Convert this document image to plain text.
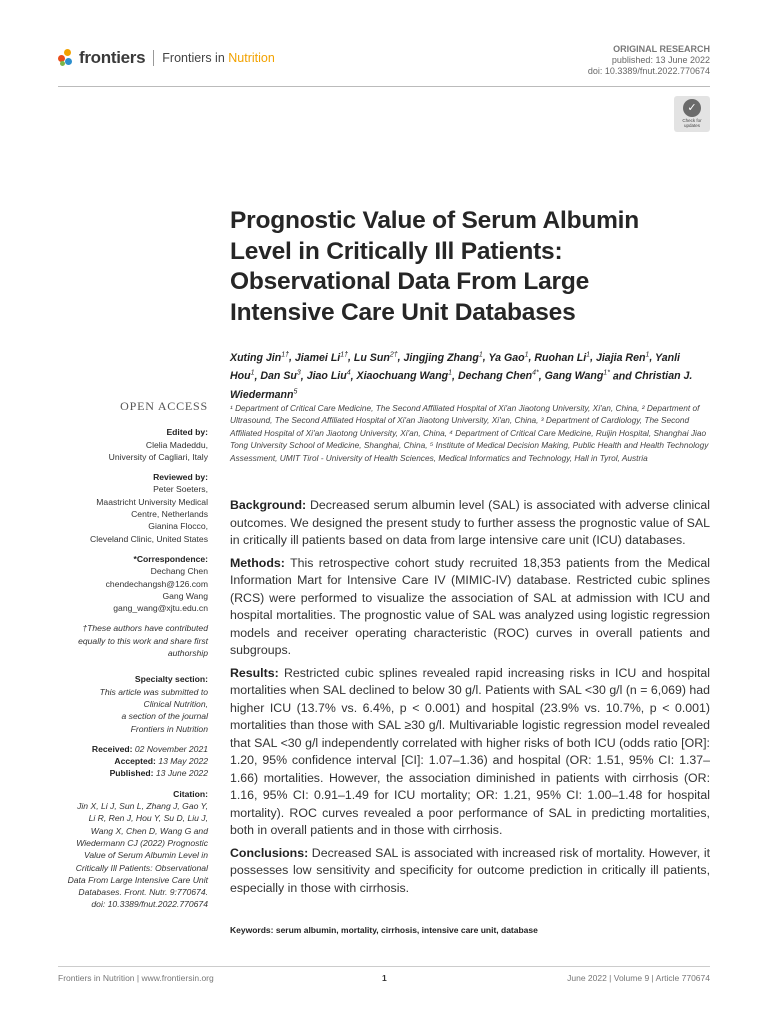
frontiers Frontiers in Nutrition
ORIGINAL RESEARCH
published: 13 June 2022
doi: 10.3389/fnut.2022.770674
✓
Check for updates
Prognostic Value of Serum Albumin Level in Critically Ill Patients: Observational Data From Large Intensive Care Unit Databases
Xuting Jin$^{1\dagger}$, Jiamei $Li^{1\dagger}$, Lu Sun$^{2\dagger}$, Jingjing Zhang$^1$, Ya Gao$^1$, Ruohan Li$^1$, Jiajia Ren$^1$, Yanli Hou$^1$, Dan Su$^3$, Jiao Liu$^4$, Xiaochuang Wang$^1$, Dechang Chen$^{4*}$, Gang Wang$^{1*}$ and Christian J. Wiedermann$^5$
¹ Department of Critical Care Medicine, The Second Affiliated Hospital of Xi'an Jiaotong University, Xi'an, China, ² Department of Ultrasound, The Second Affiliated Hospital of Xi'an Jiaotong University, Xi'an, China, ³ Department of Cardiology, The Second Affiliated Hospital of Xi'an Jiaotong University, Xi'an, China, ⁴ Department of Critical Care Medicine, Ruijin Hospital, Shanghai Jiao Tong University School of Medicine, Shanghai, China, ⁵ Institute of Medical Decision Making, Public Health and Health Technology Assessment, UMIT Tirol - University of Health Sciences, Medical Informatics and Technology, Hall in Tyrol, Austria
OPEN ACCESS
Edited by:
Clelia Madeddu,
University of Cagliari, Italy
Reviewed by:
Peter Soeters,
Maastricht University Medical
Centre, Netherlands
Gianina Flocco,
Cleveland Clinic, United States
*Correspondence:
Dechang Chen
chendechangsh@126.com
Gang Wang
gang_wang@xjtu.edu.cn
†These authors have contributed
equally to this work and share first
authorship
Specialty section:
This article was submitted to
Clinical Nutrition,
a section of the journal
Frontiers in Nutrition
Received: 02 November 2021
Accepted: 13 May 2022
Published: 13 June 2022
Citation:
Jin X, Li J, Sun L, Zhang J, Gao Y,
Li R, Ren J, Hou Y, Su D, Liu J,
Wang X, Chen D, Wang G and
Wiedermann CJ (2022) Prognostic
Value of Serum Albumin Level in
Critically Ill Patients: Observational
Data From Large Intensive Care Unit
Databases. Front. Nutr. 9:770674.
doi: 10.3389/fnut.2022.770674

Background: Decreased serum albumin level (SAL) is associated with adverse clinical outcomes. We designed the present study to further assess the prognostic value of SAL in critically ill patients based on data from large intensive care unit (ICU) databases.

Methods: This retrospective cohort study recruited 18,353 patients from the Medical Information Mart for Intensive Care IV (MIMIC-IV) database. Restricted cubic splines (RCS) were performed to visualize the association of SAL at admission with ICU and hospital mortalities. The prognostic value of SAL was analyzed using logistic regression models and receiver operating characteristic (ROC) curves in overall patients and subgroups.

Results: Restricted cubic splines revealed rapid increasing risks in ICU and hospital mortalities when SAL declined to below 30 g/l. Patients with SAL <30 g/l (n = 6,069) had higher ICU (13.7% vs. 6.4%, p < 0.001) and hospital (23.9% vs. 10.7%, p < 0.001) mortalities than those with SAL ≥30 g/l. Multivariable logistic regression model revealed that SAL <30 g/l independently correlated with higher risks of both ICU (odds ratio [OR]: 1.20, 95% confidence interval [CI]: 1.07–1.36) and hospital (OR: 1.51, 95% CI: 1.37–1.66) mortalities. However, the association diminished in patients with cirrhosis (OR: 1.16, 95% CI: 0.91–1.49 for ICU mortality; OR: 1.21, 95% CI: 1.00–1.48 for hospital mortality). ROC curves revealed a poor performance of SAL in predicting mortalities, both in overall patients and in those with cirrhosis.

Conclusions: Decreased SAL is associated with increased risk of mortality. However, it possesses low sensitivity and specificity for outcome prediction in critically ill patients, especially in those with cirrhosis.

Keywords: serum albumin, mortality, cirrhosis, intensive care unit, database
Frontiers in Nutrition | www.frontiersin.org	1	June 2022 | Volume 9 | Article 770674
